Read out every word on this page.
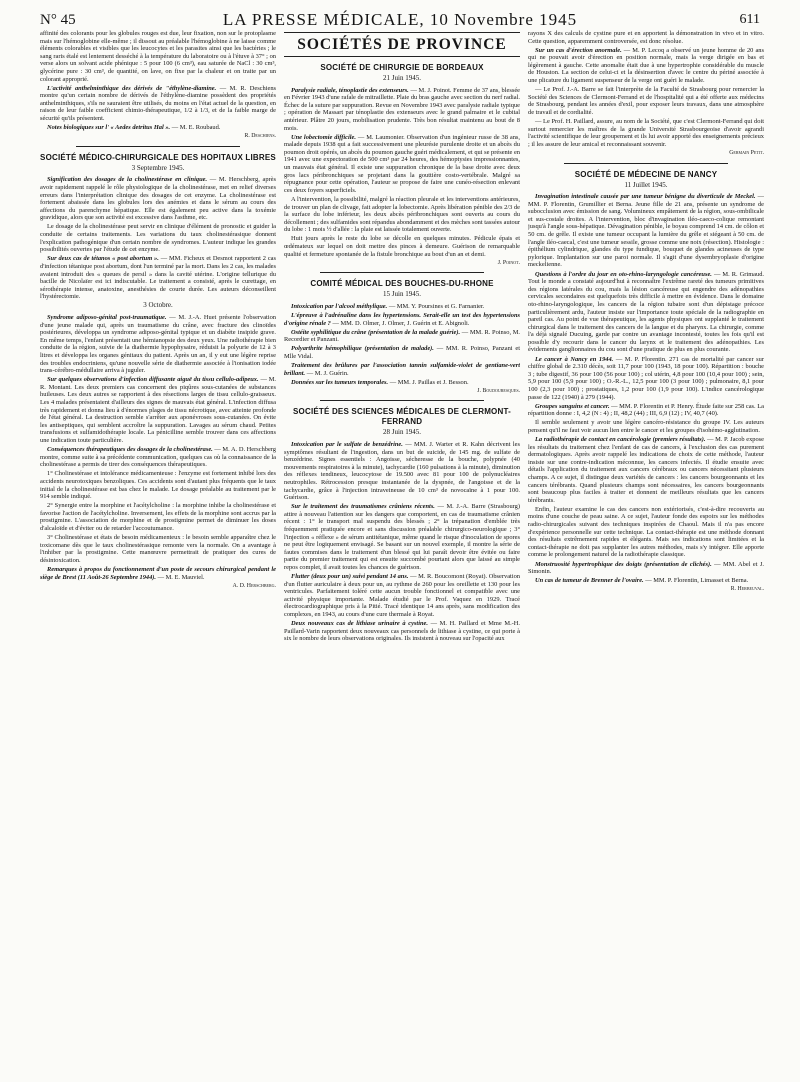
N° 45	LA PRESSE MÉDICALE, 10 Novembre 1945	611

affinité des colorants pour les globules rouges est due, leur fixation, non sur le protoplasme mais sur l'hémoglobine elle-même ; il dissout au préalable l'hémoglobine à ne laisse comme éléments colorables et visibles que les leucocytes et les parasites ainsi que les bactéries ; le sang raris étalé est lentement desséché à la température du laboratoire ou à l'étuve à 37° ; on verse alors un solvant acide phénique : 5 pour 100 (6 cm³), eau saturée de NaCl : 30 cm³, glycérine pure : 30 cm³, de quantité, on lave, on fixe par la chaleur et on traite par un colorant approprié.

L'activité anthelminthique des dérivés de "éthylène-diamine. — M. R. Deschiens montre qu'un certain nombre de dérivés de l'éthylène-diamine possèdent des propriétés anthelminthiques, s'ils ne sauraient être utilisés, du moins en l'état actuel de la question, en raison de leur faible coefficient chimio-thérapeutique, 1/2 à 1/3, et de la faible marge de sécurité qu'ils présentent.

Notes biologiques sur l' « Aedes detritus Hal ». — M. E. Roubaud.

R. Deschiens.
SOCIÉTÉ MÉDICO-CHIRURGICALE DES HOPITAUX LIBRES
3 Septembre 1945.

Signification des dosages de la cholinestérase en clinique. — M. Herschberg, après avoir rapidement rappelé le rôle physiologique de la cholinestérase, met en relief diverses erreurs dans l'interprétation clinique des dosages de cet enzyme. La cholinestérase est fortement abaissée dans les globules lors des anémies et dans le sérum au cours des affections du parenchyme hépatique. Elle est également peu active dans la toxémie gravidique, alors que son activité est excessive dans l'asthme, etc.

Le dosage de la cholinestérase peut servir en clinique d'élément de pronostic et guider la conduite de certains traitements. Les variations du taux cholinestérasique donnent l'explication pathogénique d'un certain nombre de syndromes. L'auteur indique les grandes possibilités ouvertes par l'étude de cet enzyme.

Sur deux cas de tétanos « post abortum ». — MM. Ficheux et Desmot rapportent 2 cas d'infection tétanique post abortum, dont l'un terminé par la mort. Dans les 2 cas, les malades avaient introduit des « queues de persil » dans la cavité utérine. L'origine tellurique du bacille de Nicolaïer est ici indiscutable. Le traitement a consisté, après le curettage, en sérothérapie intense, anatoxine, anesthésies de courte durée. Les auteurs déconseillent l'hystérectomie.

3 Octobre.

Syndrome adiposo-génital post-traumatique. — M. J.-A. Huet présente l'observation d'une jeune malade qui, après un traumatisme du crâne, avec fracture des clinoïdes postérieures, développa un syndrome adiposo-génital typique et un diabète insipide grave. En même temps, l'enfant présentait une hémianopsie des deux yeux. Une radiothérapie bien conduite de la région, suivie de la diathermie hypophysaire, réduisit la polyurie de 12 à 3 litres et développa les organes génitaux du patient. Après un an, il y eut une légère reprise des troubles endocriniens, qu'une nouvelle série de diathermie associée à l'ionisation iodée trans-cérébro-médullaire arriva à juguler.

Sur quelques observations d'infection diffusante aiguë du tissu cellulo-adipeux. — M. R. Montant. Les deux premiers cas concernent des piqûres sous-cutanées de substances huileuses. Les deux autres se rapportent à des résections larges de tissu cellulo-graisseux. Les 4 malades présentaient d'ailleurs des signes de mauvais état général. L'infection diffusa très rapidement et donna lieu à d'énormes plages de tissu nécrotique, avec atteinte profonde de l'état général. La destruction semble s'arrêter aux aponévroses sous-cutanées. On évite les antiseptiques, qui semblent accroître la suppuration. Lavages au sérum chaud. Petites transfusions et sulfamidothérapie locale. La pénicilline semble trouver dans ces affections une indication toute particulière.

Conséquences thérapeutiques des dosages de la cholinestérase. — M. A. D. Herschberg montre, comme suite à sa précédente communication, quelques cas où la connaissance de la cholinestérase a permis de tirer des conséquences thérapeutiques.

1° Cholinestérase et intolérance médicamenteuse : l'enzyme est fortement inhibé lors des accidents neurotoxiques benzoliques. Ces accidents sont d'autant plus fréquents que le taux initial de la cholinestérase est bas chez le malade. Le dosage préalable au traitement par le 914 semble indiqué.

2° Synergie entre la morphine et l'acétylcholine : la morphine inhibe la cholinestérase et favorise l'action de l'acétylcholine. Inversement, les effets de la morphine sont accrus par la prostigmine. L'association de morphine et de prostigmine permet de diminuer les doses d'alcaloïde et d'éviter ou de retarder l'accoutumance.

3° Cholinestérase et états de besoin médicamenteux : le besoin semble apparaître chez le toxicomane dès que le taux cholinestérasique remonte vers la normale. On a avantage à l'inhiber par la prostigmine. Cette manœuvre permettrait de pratiquer des cures de désintoxication.

Remarques à propos du fonctionnement d'un poste de secours chirurgical pendant le siège de Brest (11 Août-26 Septembre 1944). — M. E. Mauviel.

A. D. Herschberg.
SOCIÉTÉS DE PROVINCE
SOCIÉTÉ DE CHIRURGIE DE BORDEAUX
21 Juin 1945.

Paralysie radiale, ténoplastie des extenseurs. — M. J. Poinot. Femme de 37 ans, blessée en Février 1943 d'une rafale de mitraillette. Plaie du bras gauche avec section du nerf radial. Échec de la suture par suppuration. Revue en Novembre 1943 avec paralysie radiale typique ; opération de Massart par ténoplastie des extenseurs avec le grand palmaire et le cubital antérieur. Plâtre 20 jours, mobilisation prudente. Très bon résultat maintenu au bout de 8 mois.

Une lobectomie difficile. — M. Laumonier. Observation d'un ingénieur russe de 38 ans, malade depuis 1938 qui a fait successivement une pleurésie purulente droite et un abcès du poumon droit opérés, un abcès du poumon gauche guéri médicalement, et qui se présente en 1941 avec une expectoration de 500 cm³ par 24 heures, des hémoptysies impressionnantes, un mauvais état général. Il existe une suppuration chronique de la base droite avec deux gros lacs péribronchiques se projetant dans la gouttière costo-vertébrale. Malgré sa répugnance pour cette opération, l'auteur se propose de faire une cunéo-résection enlevant ces deux foyers superficiels.

A l'intervention, la possibilité, malgré la réaction pleurale et les interventions antérieures, de trouver un plan de clivage, fait adopter la lobectomie. Après libération pénible des 2/3 de la surface du lobe inférieur, les deux abcès péribronchiques sont ouverts au cours du décollement ; des sulfamides sont répandus abondamment et des mèches sont tassées autour du lobe : 1 mois ½ d'allée : la plaie est laissée totalement ouverte.

Huit jours après le reste du lobe se décolle en quelques minutes. Pédicule épais et œdémateux sur lequel on doit mettre des pinces à demeure. Guérison de remarquable qualité et fermeture spontanée de la fistule bronchique au bout d'un an et demi.

J. Poinot.
COMITÉ MÉDICAL DES BOUCHES-DU-RHONE
15 Juin 1945.

Intoxication par l'alcool méthylique. — MM. Y. Poursines et G. Farnanier.

L'épreuve à l'adrénaline dans les hypertensions. Serait-elle un test des hypertensions d'origine rénale ? — MM. D. Olmer, J. Olmer, J. Guérin et E. Abignoli.

Ostéite syphilitique du crâne (présentation de la malade guérie). — MM. R. Poinso, M. Recordier et Panzani.

Polyarthrite hémophilique (présentation de malade). — MM. R. Poinso, Panzani et Mlle Vidal.

Traitement des brûlures par l'association tannin sulfamide-violet de gentiane-vert brillant. — M. J. Guérin.

Données sur les tumeurs temporales. — MM. J. Paillas et J. Besson.

J. Boudouresques.
SOCIÉTÉ DES SCIENCES MÉDICALES DE CLERMONT-FERRAND
28 Juin 1945.

Intoxication par le sulfate de benzédrine. — MM. J. Warter et R. Kahn décrivent les symptômes résultant de l'ingestion, dans un but de suicide, de 145 mg. de sulfate de benzédrine. Signes essentiels : Angoisse, sécheresse de la bouche, polypnée (40 mouvements respiratoires à la minute), tachycardie (160 pulsations à la minute), diminution des réflexes tendineux, leucocytose de 19.500 avec 81 pour 100 de polynucléaires neutrophiles. Rétrocession presque instantanée de la dyspnée, de l'angoisse et de la tachycardie, grâce à l'injection intraveineuse de 10 cm³ de novocaïne à 1 pour 100. Guérison.

Sur le traitement des traumatismes crâniens récents. — M. J.-A. Barre (Strasbourg) attire à nouveau l'attention sur les dangers que comportent, en cas de traumatisme crânien récent : 1° le transport mal suspendu des blessés ; 2° la trépanation d'emblée très fréquemment pratiquée encore et sans discussion préalable chirurgico-neurologique ; 3° l'injection « réflexe » de sérum antitétanique, même quand le risque d'inoculation de spores ne peut être logiquement envisagé. Se basant sur un nouvel exemple, il montre la série de fautes commises dans le traitement d'un blessé qui lui paraît devoir être évitée ou faire partie du premier traitement qui est ensuite succombé pourtant alors que laissé au simple repos complet, il avait toutes les chances de guérison.

Flutter (deux pour un) suivi pendant 14 ans. — M. R. Boucomont (Royat). Observation d'un flutter auriculaire à deux pour un, au rythme de 260 pour les oreillette et 130 pour les ventricules. Parfaitement toléré cette aucun trouble fonctionnel et compatible avec une activité physique importante. Malade étudié par le Prof. Vaquez en 1929. Tracé électrocardiographique pris à la Pitié. Tracé identique 14 ans après, sans modification des complexes, en 1943, au cours d'une cure thermale à Royat.

Deux nouveaux cas de lithiase urinaire à cystine. — M. H. Paillard et Mme M.-H. Paillard-Varin rapportent deux nouveaux cas personnels de lithiase à cystine, ce qui porte à six le nombre de leurs observations originales. Ils insistent à nouveau sur l'opacité aux

rayons X des calculs de cystine pure et en apportent la démonstration in vivo et in vitro. Cette question, apparemment controversée, est donc résolue.

Sur un cas d'érection anormale. — M. P. Lecoq a observé un jeune homme de 20 ans qui ne pouvait avoir d'érection en position normale, mais la verge dirigée en bas et légèrement à gauche. Cette anomalie était due à une hypertrophie considérable du muscle de Houston. La section de celui-ci et la désinsertion d'avec le centre du périné associée à une plicature du ligament suspenseur de la verge ont guéri le malade.

— Le Prof. J.-A. Barre se fait l'interprète de la Faculté de Strasbourg pour remercier la Société des Sciences de Clermont-Ferrand et de l'hospitalité qui a été offerte aux médecins de Strasbourg, pendant les années d'exil, pour exposer leurs travaux, dans une atmosphère de travail et de cordialité.

— Le Prof. H. Paillard, assure, au nom de la Société, que c'est Clermont-Ferrand qui doit surtout remercier les maîtres de la grande Université Strasbourgeoise d'avoir agrandi l'activité scientifique de leur groupement et ils lui avoir apporté des enseignements précieux ; il les assure de leur amical et reconnaissant souvenir.

Germain Petit.
SOCIÉTÉ DE MÉDECINE DE NANCY
11 Juillet 1945.

Invagination intestinale causée par une tumeur bénigne du diverticule de Meckel. — MM. P. Florentin, Grumillier et Berna. Jeune fille de 21 ans, présente un syndrome de subocclusion avec émission de sang. Volumineux empâtement de la région, sous-ombilicale et sus-costale droites. A l'intervention, bloc d'invagination iléo-caeco-colique remontant jusqu'à l'angle sous-hépatique. Dévagination pénible, le boyau comprend 14 cm. de côlon et 50 cm. de grêle. Il existe une tumeur occupant la lumière du grêle et siégeant à 50 cm. de l'angle iléo-caecal, c'est une tumeur sessile, grosse comme une noix (résection). Histologie : épithélium cylindrique, glandes du type fundique, bouquet de glandes acineuses de type pylorique. Implantation sur une paroi normale. Il s'agit d'une dysembryoplasie d'origine meckelienne.

Questions à l'ordre du jour en oto-rhino-laryngologie cancéreuse. — M. R. Grimaud. Tout le monde a constaté aujourd'hui à reconnaître l'extrême rareté des tumeurs primitives des régions latérales du cou, mais la lésion cancéreuse qui engendre des adénopathies cervicales secondaires est quelquefois très difficile à mettre en évidence. Dans le domaine oto-rhino-laryngologique, les cancers de la région tubaire sont d'un dépistage précoce particulièrement ardu, l'auteur insiste sur l'importance toute spéciale de la radiographie en pareil cas. Au point de vue thérapeutique, les agents physiques ont supplanté le traitement chirurgical dans le traitement des cancers de la langue et du pharynx. La chirurgie, comme l'a déjà signalé Ducuing, garde par contre un avantage incontesté, toutes les fois qu'il est possible d'y recourir dans le cancer du larynx et le traitement des adénopathies. Les évidements ganglionnaires du cou sont d'une pratique de plus en plus courante.

Le cancer à Nancy en 1944. — M. P. Florentin. 271 cas de mortalité par cancer sur chiffre global de 2.310 décès, soit 11,7 pour 100 (1943, 18 pour 100). Répartition : bouche 3 ; tube digestif, 36 pour 100 (56 pour 100) ; col utérin, 4,8 pour 100 (10,4 pour 100) ; sein, 5,9 pour 100 (5,9 pour 100) ; O.-R.-L., 12,5 pour 100 (3 pour 100) ; pulmonaire, 8,1 pour 100 (2,3 pour 100) ; prostatiques, 1,2 pour 100 (1,9 pour 100). L'indice cancérologique passe de 122 (1940) à 279 (1944).

Groupes sanguins et cancer. — MM. P. Florentin et P. Henry. Étude faite sur 258 cas. La répartition donne : I, 4,2 (N : 4) ; II, 48,2 (44) ; III, 6,9 (12) ; IV, 40,7 (40).

Il semble seulement y avoir une légère cancéro-résistance du groupe IV. Les auteurs pensent qu'il ne faut voir aucun lien entre le cancer et les groupes d'isohémo-agglutination.

La radiothérapie de contact en cancérologie (premiers résultats). — M. P. Jacob expose les résultats du traitement chez l'enfant de cas de cancers, à l'exclusion des cas purement dermatologiques. Après avoir rappelé les indications de choix de cette méthode, l'auteur insiste sur une contre-indication méconnue, les cancers infectés. Il étudie ensuite avec détails l'application du traitement aux cancers cérébraux ou cancers nécessitant plusieurs champs. A ce sujet, il distingue deux variétés de cancers : les cancers bourgeonnants et les cancers térébrants. Quand plusieurs champs sont nécessaires, les cancers bourgeonnants sont beaucoup plus faciles à traiter et donnent de meilleurs résultats que les cancers térébrants.

Enfin, l'auteur examine le cas des cancers non extériorisés, c'est-à-dire recouverts au moins d'une couche de peau saine. A ce sujet, l'auteur fonde des espoirs sur les méthodes radio-chirurgicales suivant des techniques inspirées de Chaoul. Mais il n'a pas encore d'expérience personnelle sur cette technique. La contact-thérapie est une méthode donnant des résultats extrêmement rapides et élégants. Mais ses indications sont limitées et la contact-thérapie ne doit pas supplanter les autres méthodes, mais s'y intégrer. Elle apporte comme le prolongement naturel de la radiothérapie classique.

Monstruosité hypertrophique des doigts (présentation de clichés). — MM. Abel et J. Simonin.

Un cas de tumeur de Brenner de l'ovaire. — MM. P. Florentin, Limasset et Berna.

R. Herbeuval.
